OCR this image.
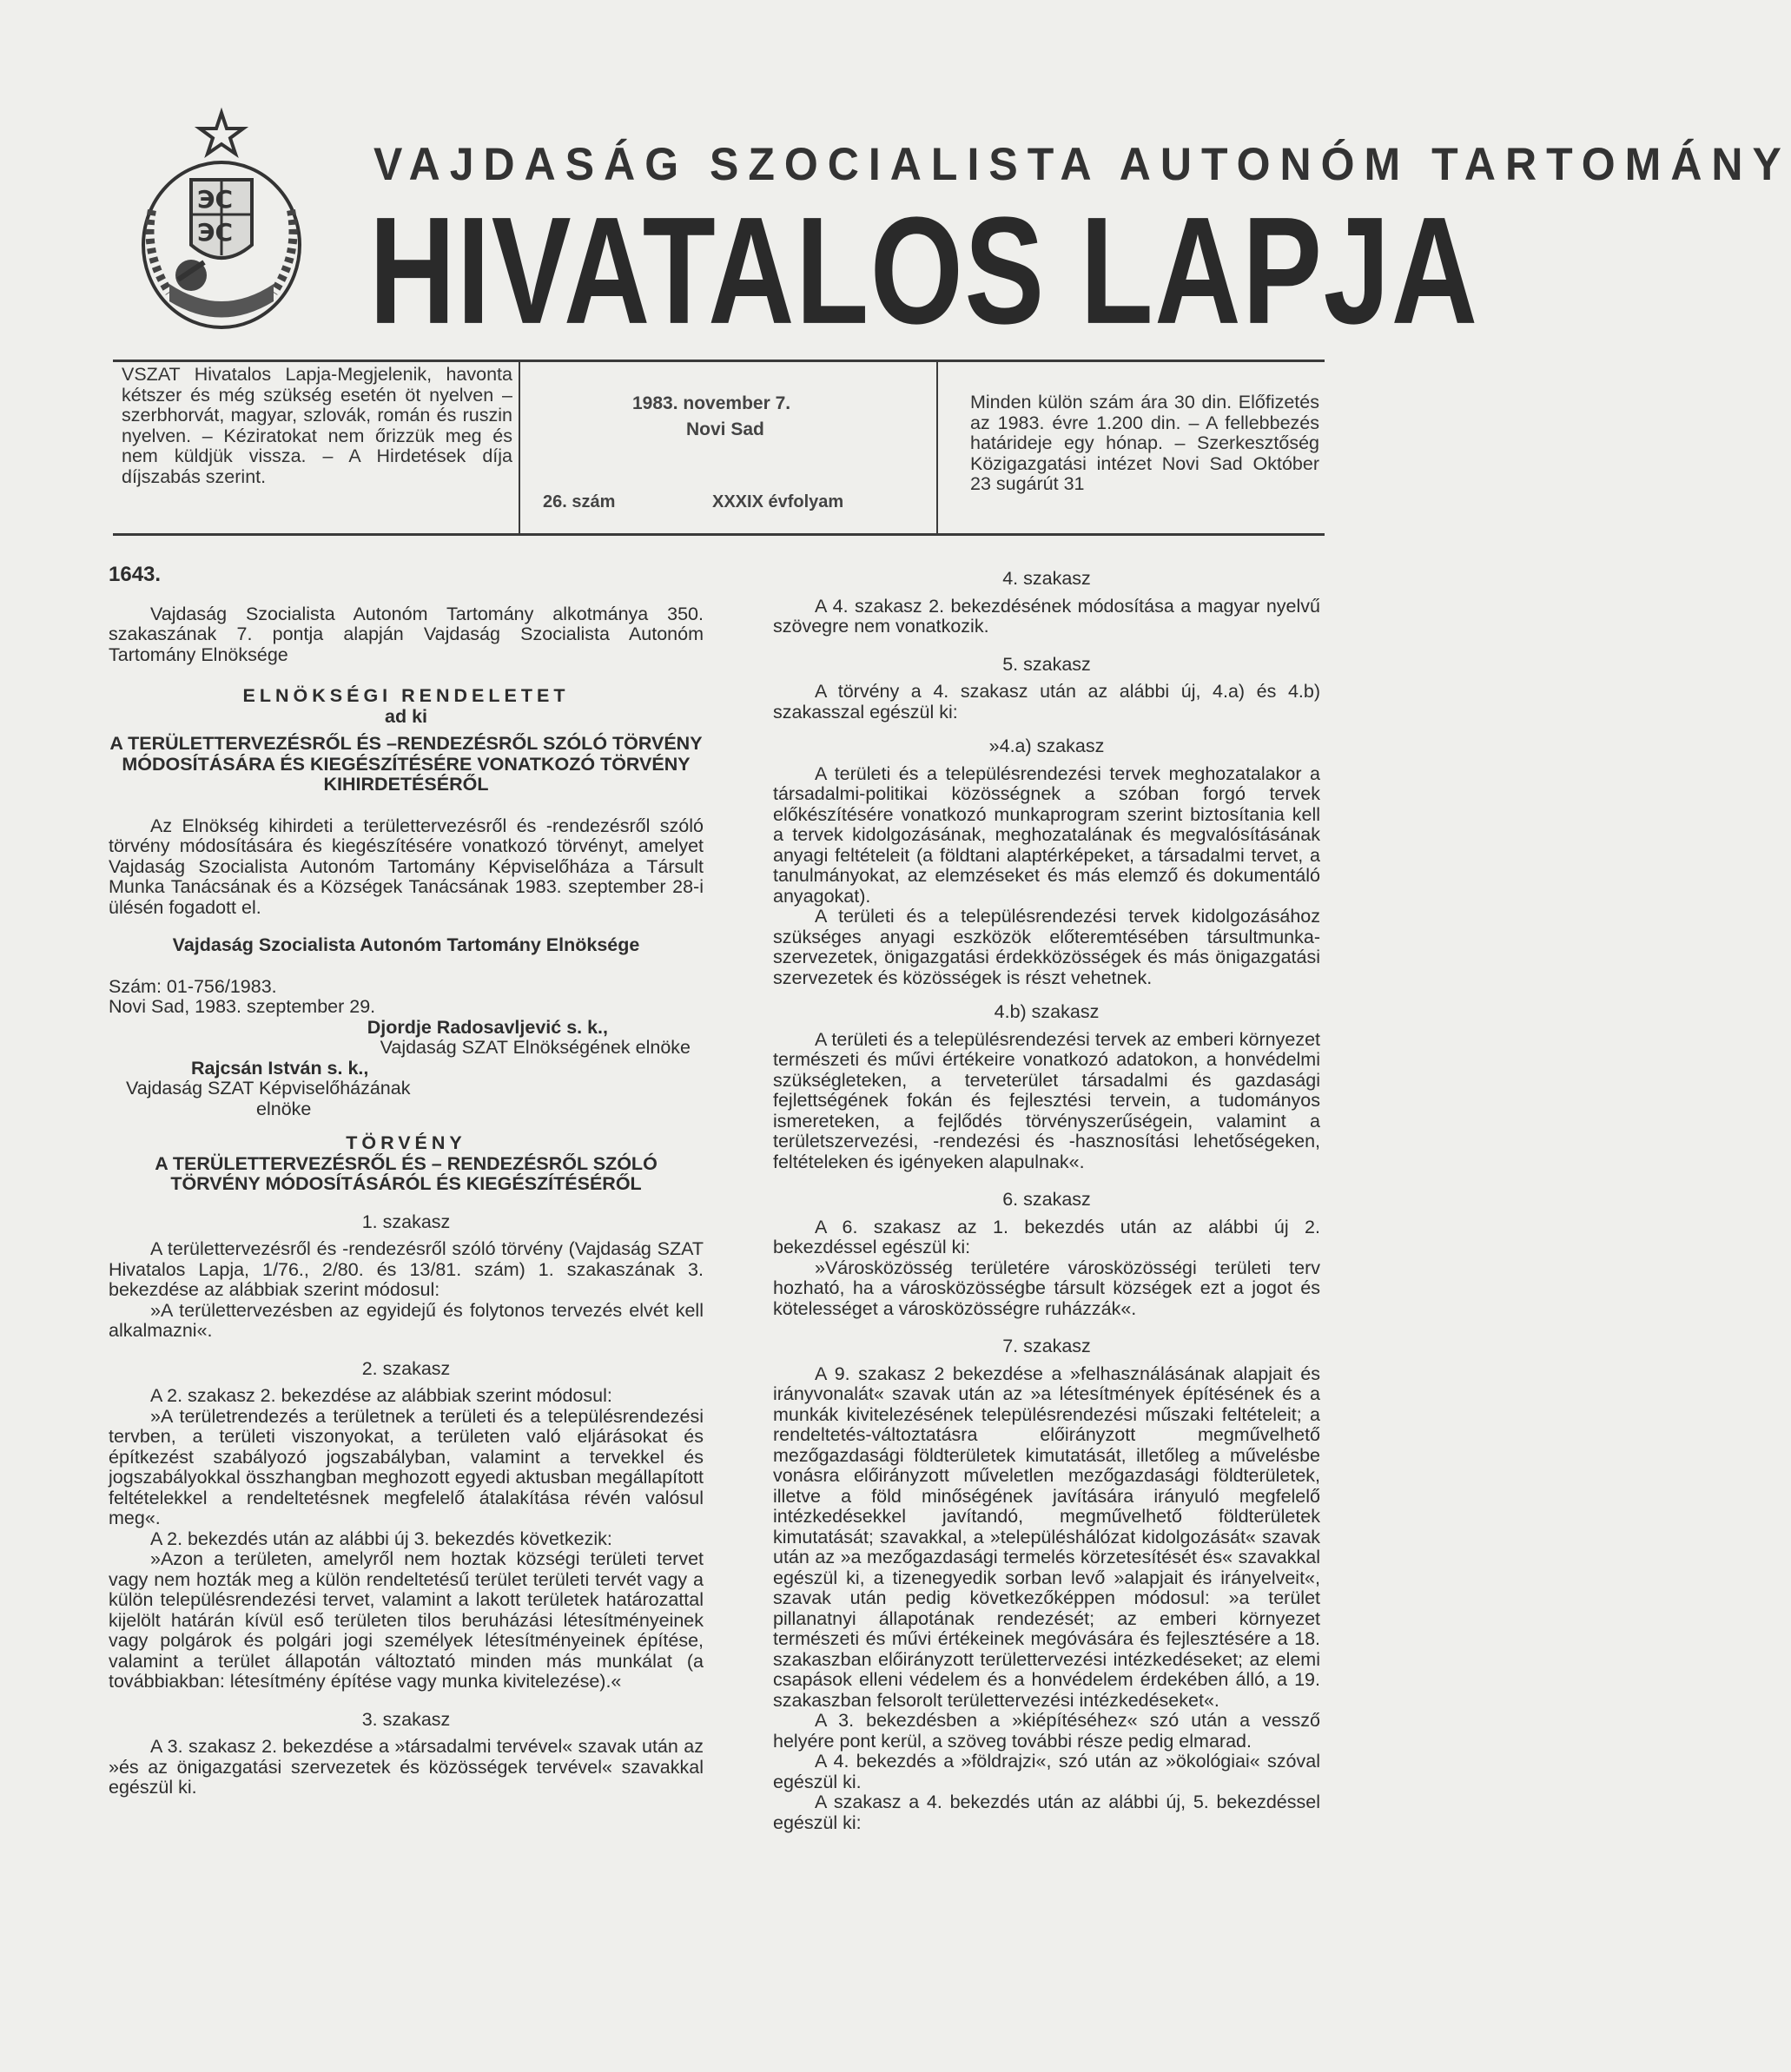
ЭС
ЭС
VAJDASÁG SZOCIALISTA AUTONÓM TARTOMÁNY
HIVATALOS LAPJA
VSZAT Hivatalos Lapja-Megjelenik, havonta kétszer és még szükség esetén öt nyelven – szerbhorvát, magyar, szlovák, román és ruszin nyelven. – Kéziratokat nem őrizzük meg és nem küldjük vissza. – A Hirdetések díja díjszabás szerint.
1983. november 7.
Novi Sad
26. szám	XXXIX évfolyam
Minden külön szám ára 30 din. Előfizetés az 1983. évre 1.200 din. – A fellebbezés határideje egy hónap. – Szerkesztőség Közigazgatási intézet Novi Sad Október 23 sugárút 31

1643.

Vajdaság Szocialista Autonóm Tartomány alkotmánya 350. szakaszának 7. pontja alapján Vajdaság Szocialista Autonóm Tartomány Elnöksége

ELNÖKSÉGI RENDELETET

ad ki

A TERÜLETTERVEZÉSRŐL ÉS –RENDEZÉSRŐL SZÓLÓ TÖRVÉNY MÓDOSÍTÁSÁRA ÉS KIEGÉSZÍTÉSÉRE VONATKOZÓ TÖRVÉNY KIHIRDETÉSÉRŐL

Az Elnökség kihirdeti a területtervezésről és -rendezésről szóló törvény módosítására és kiegészítésére vonatkozó törvényt, amelyet Vajdaság Szocialista Autonóm Tartomány Képviselőháza a Társult Munka Tanácsának és a Községek Tanácsának 1983. szeptember 28-i ülésén fogadott el.

Vajdaság Szocialista Autonóm Tartomány Elnöksége

Szám: 01-756/1983.

Novi Sad, 1983. szeptember 29.

Djordje Radosavljević s. k.,

Vajdaság SZAT Elnökségének elnöke

Rajcsán István s. k.,

Vajdaság SZAT Képviselőházának

elnöke

TÖRVÉNY

A TERÜLETTERVEZÉSRŐL ÉS – RENDEZÉSRŐL SZÓLÓ TÖRVÉNY MÓDOSÍTÁSÁRÓL ÉS KIEGÉSZÍTÉSÉRŐL

1. szakasz

A területtervezésről és -rendezésről szóló törvény (Vajdaság SZAT Hivatalos Lapja, 1/76., 2/80. és 13/81. szám) 1. szakaszának 3. bekezdése az alábbiak szerint módosul:

»A területtervezésben az egyidejű és folytonos tervezés elvét kell alkalmazni«.

2. szakasz

A 2. szakasz 2. bekezdése az alábbiak szerint módosul:

»A területrendezés a területnek a területi és a településrendezési tervben, a területi viszonyokat, a területen való eljárásokat és építkezést szabályozó jogszabályban, valamint a tervekkel és jogszabályokkal összhangban meghozott egyedi aktusban megállapított feltételekkel a rendeltetésnek megfelelő átalakítása révén valósul meg«.

A 2. bekezdés után az alábbi új 3. bekezdés következik:

»Azon a területen, amelyről nem hoztak községi területi tervet vagy nem hozták meg a külön rendeltetésű terület területi tervét vagy a külön településrendezési tervet, valamint a lakott területek határozattal kijelölt határán kívül eső területen tilos beruházási létesítményeinek vagy polgárok és polgári jogi személyek létesítményeinek építése, valamint a terület állapotán változtató minden más munkálat (a továbbiakban: létesítmény építése vagy munka kivitelezése).«

3. szakasz

A 3. szakasz 2. bekezdése a »társadalmi tervével« szavak után az »és az önigazgatási szervezetek és közösségek tervével« szavakkal egészül ki.

4. szakasz

A 4. szakasz 2. bekezdésének módosítása a magyar nyelvű szövegre nem vonatkozik.

5. szakasz

A törvény a 4. szakasz után az alábbi új, 4.a) és 4.b) szakasszal egészül ki:

»4.a) szakasz

A területi és a településrendezési tervek meghozatalakor a társadalmi-politikai közösségnek a szóban forgó tervek előkészítésére vonatkozó munkaprogram szerint biztosítania kell a tervek kidolgozásának, meghozatalának és megvalósításának anyagi feltételeit (a földtani alaptérképeket, a társadalmi tervet, a tanulmányokat, az elemzéseket és más elemző és dokumentáló anyagokat).

A területi és a településrendezési tervek kidolgozásához szükséges anyagi eszközök előteremtésében társultmunka-szervezetek, önigazgatási érdekközösségek és más önigazgatási szervezetek és közösségek is részt vehetnek.

4.b) szakasz

A területi és a településrendezési tervek az emberi környezet természeti és művi értékeire vonatkozó adatokon, a honvédelmi szükségleteken, a terveterület társadalmi és gazdasági fejlettségének fokán és fejlesztési tervein, a tudományos ismereteken, a fejlődés törvényszerűségein, valamint a területszervezési, -rendezési és -hasznosítási lehetőségeken, feltételeken és igényeken alapulnak«.

6. szakasz

A 6. szakasz az 1. bekezdés után az alábbi új 2. bekezdéssel egészül ki:

»Városközösség területére városközösségi területi terv hozható, ha a városközösségbe társult községek ezt a jogot és kötelességet a városközösségre ruházzák«.

7. szakasz

A 9. szakasz 2 bekezdése a »felhasználásának alapjait és irányvonalát« szavak után az »a létesítmények építésének és a munkák kivitelezésének településrendezési műszaki feltételeit; a rendeltetés-változtatásra előirányzott megművelhető mezőgazdasági földterületek kimutatását, illetőleg a művelésbe vonásra előirányzott műveletlen mezőgazdasági földterületek, illetve a föld minőségének javítására irányuló megfelelő intézkedésekkel javítandó, megművelhető földterületek kimutatását; szavakkal, a »településhálózat kidolgozását« szavak után az »a mezőgazdasági termelés körzetesítését és« szavakkal egészül ki, a tizenegyedik sorban levő »alapjait és irányelveit«, szavak után pedig következőképpen módosul: »a terület pillanatnyi állapotának rendezését; az emberi környezet természeti és művi értékeinek megóvására és fejlesztésére a 18. szakaszban előirányzott területtervezési intézkedéseket; az elemi csapások elleni védelem és a honvédelem érdekében álló, a 19. szakaszban felsorolt területtervezési intézkedéseket«.

A 3. bekezdésben a »kiépítéséhez« szó után a vessző helyére pont kerül, a szöveg további része pedig elmarad.

A 4. bekezdés a »földrajzi«, szó után az »ökológiai« szóval egészül ki.

A szakasz a 4. bekezdés után az alábbi új, 5. bekezdéssel egészül ki:
